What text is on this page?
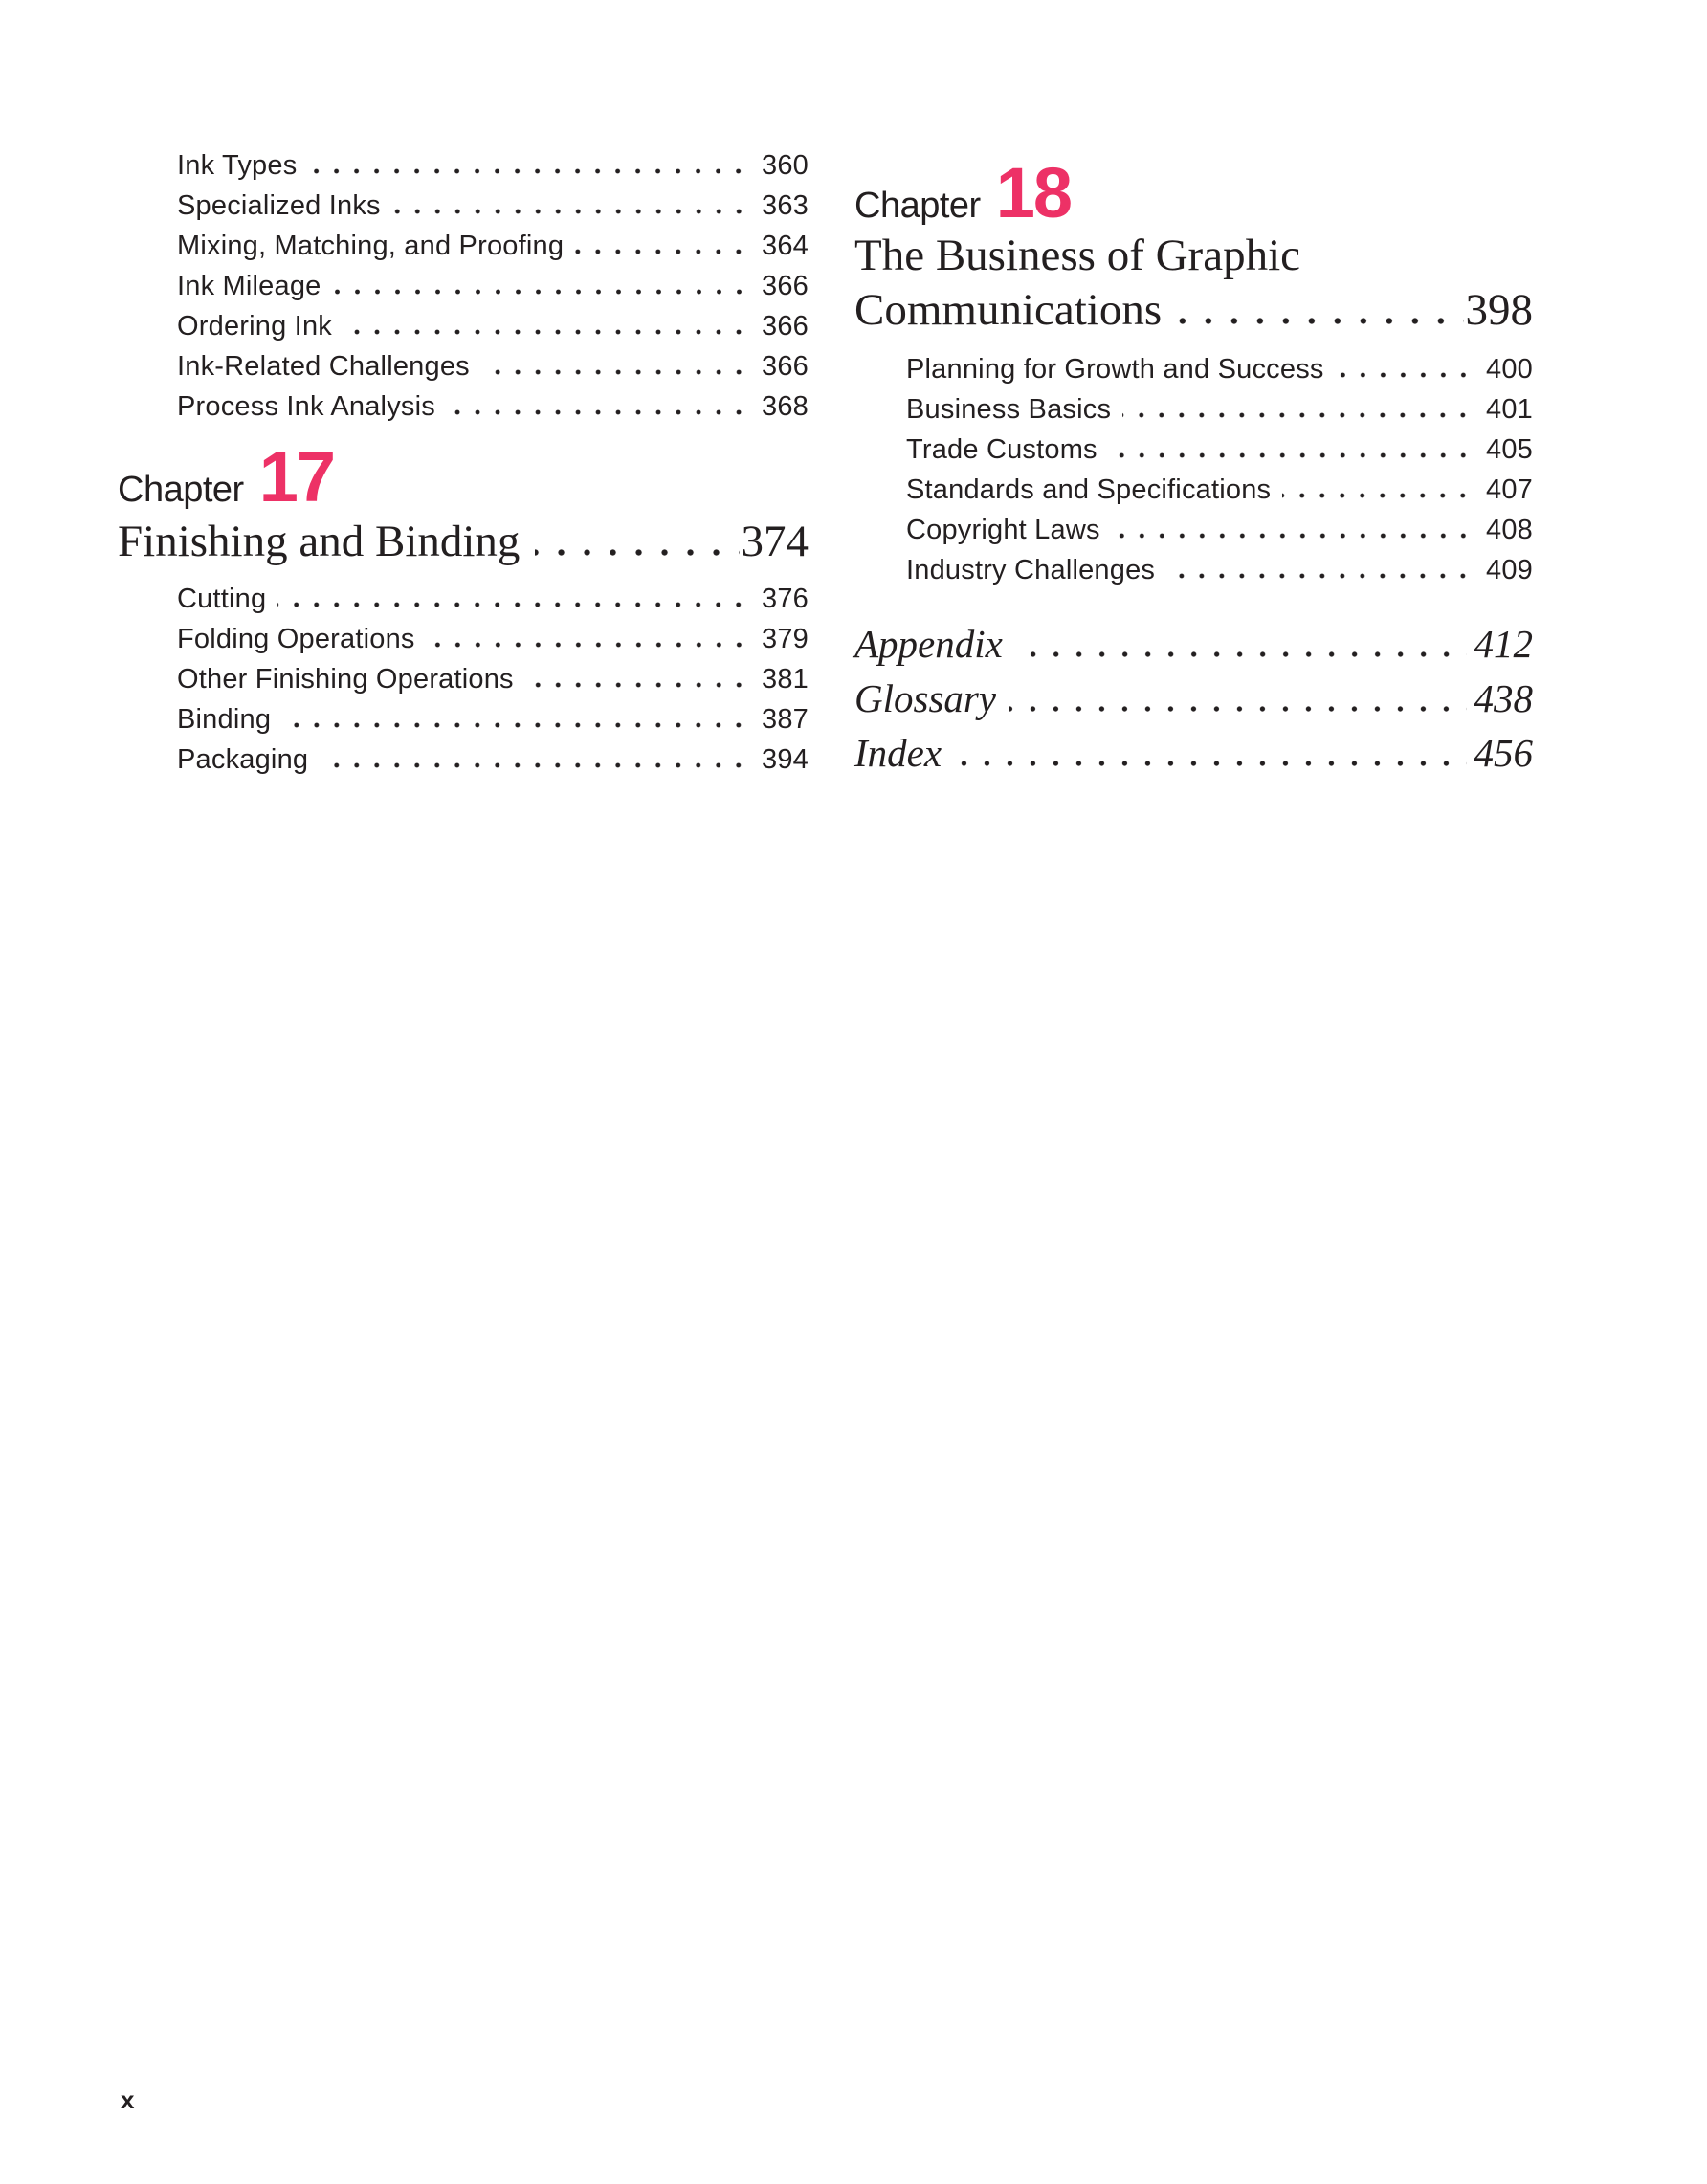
Ink Types	360
Specialized Inks	363
Mixing, Matching, and Proofing	364
Ink Mileage	366
Ordering Ink	366
Ink-Related Challenges	366
Process Ink Analysis	368
Chapter 17
Finishing and Binding	374
Cutting	376
Folding Operations	379
Other Finishing Operations	381
Binding	387
Packaging	394
Chapter 18
The Business of Graphic
Communications	398
Planning for Growth and Success	400
Business Basics	401
Trade Customs	405
Standards and Specifications	407
Copyright Laws	408
Industry Challenges	409
Appendix	412
Glossary	438
Index	456
x
